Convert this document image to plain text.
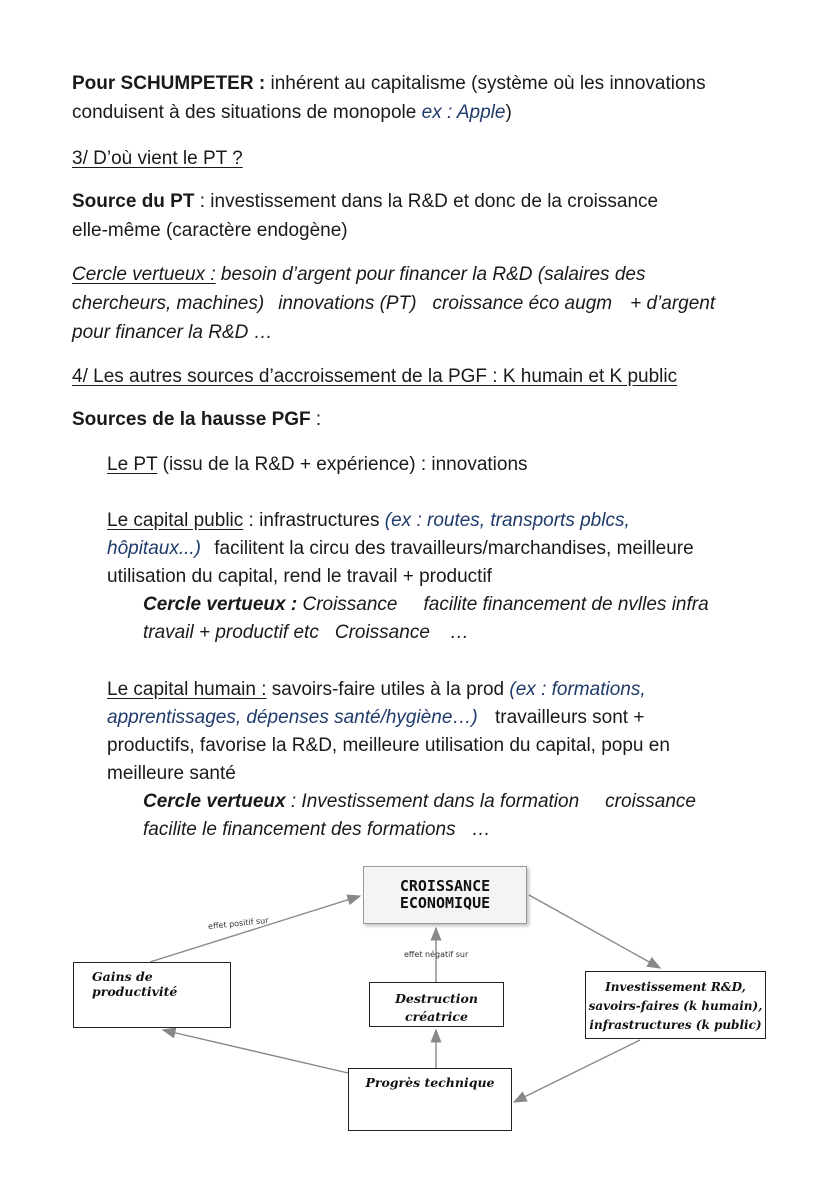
Pour SCHUMPETER : inhérent au capitalisme (système où les innovations
conduisent à des situations de monopole ex : Apple)
3/ D’où vient le PT ?
Source du PT : investissement dans la R&D et donc de la croissance
elle-même (caractère endogène)
Cercle vertueux : besoin d’argent pour financer la R&D (salaires des
chercheurs, machines) innovations (PT) croissance éco augm + d’argent
pour financer la R&D …
4/ Les autres sources d’accroissement de la PGF : K humain et K public
Sources de la hausse PGF :
Le PT (issu de la R&D + expérience) : innovations
Le capital public : infrastructures (ex : routes, transports pblcs,
hôpitaux...) facilitent la circu des travailleurs/marchandises, meilleure
utilisation du capital, rend le travail + productif
Cercle vertueux : Croissance facilite financement de nvlles infra
travail + productif etc Croissance …
Le capital humain : savoirs-faire utiles à la prod (ex : formations,
apprentissages, dépenses santé/hygiène…) travailleurs sont +
productifs, favorise la R&D, meilleure utilisation du capital, popu en
meilleure santé
Cercle vertueux : Investissement dans la formation croissance
facilite le financement des formations …
effet positif sur
effet négatif sur
CROISSANCE
ECONOMIQUE
Gains de productivité	Destruction
créatrice
Investissement R&D,
savoirs-faires (k humain),
infrastructures (k public)
Progrès technique
